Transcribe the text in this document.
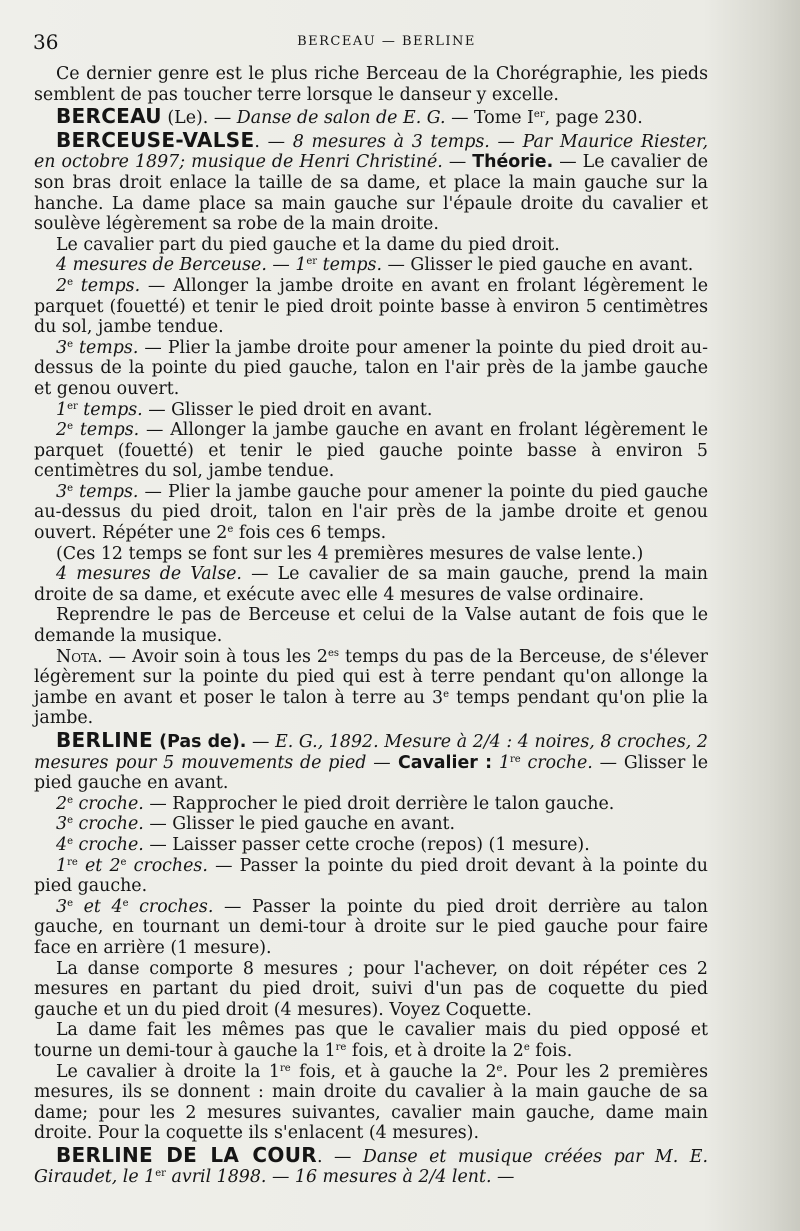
36	BERCEAU — BERLINE

Ce dernier genre est le plus riche Berceau de la Chorégraphie, les pieds semblent de pas toucher terre lorsque le danseur y excelle.

BERCEAU (Le). — Danse de salon de E. G. — Tome Ier, page 230.

BERCEUSE-VALSE. — 8 mesures à 3 temps. — Par Maurice Riester, en octobre 1897; musique de Henri Christiné. — Théorie. — Le cavalier de son bras droit enlace la taille de sa dame, et place la main gauche sur la hanche. La dame place sa main gauche sur l'épaule droite du cavalier et soulève légèrement sa robe de la main droite.

Le cavalier part du pied gauche et la dame du pied droit.

4 mesures de Berceuse. — 1er temps. — Glisser le pied gauche en avant.

2e temps. — Allonger la jambe droite en avant en frolant légèrement le parquet (fouetté) et tenir le pied droit pointe basse à environ 5 centimètres du sol, jambe tendue.

3e temps. — Plier la jambe droite pour amener la pointe du pied droit au-dessus de la pointe du pied gauche, talon en l'air près de la jambe gauche et genou ouvert.

1er temps. — Glisser le pied droit en avant.

2e temps. — Allonger la jambe gauche en avant en frolant légèrement le parquet (fouetté) et tenir le pied gauche pointe basse à environ 5 centimètres du sol, jambe tendue.

3e temps. — Plier la jambe gauche pour amener la pointe du pied gauche au-dessus du pied droit, talon en l'air près de la jambe droite et genou ouvert. Répéter une 2e fois ces 6 temps.

(Ces 12 temps se font sur les 4 premières mesures de valse lente.)

4 mesures de Valse. — Le cavalier de sa main gauche, prend la main droite de sa dame, et exécute avec elle 4 mesures de valse ordinaire.

Reprendre le pas de Berceuse et celui de la Valse autant de fois que le demande la musique.

Nota. — Avoir soin à tous les $2^{es}$ temps du pas de la Berceuse, de s'élever légèrement sur la pointe du pied qui est à terre pendant qu'on allonge la jambe en avant et poser le talon à terre au 3e temps pendant qu'on plie la jambe.

BERLINE (Pas de). — E. G., 1892. Mesure à 2/4 : 4 noires, 8 croches, 2 mesures pour 5 mouvements de pied — Cavalier : 1re croche. — Glisser le pied gauche en avant.

2e croche. — Rapprocher le pied droit derrière le talon gauche.

3e croche. — Glisser le pied gauche en avant.

4e croche. — Laisser passer cette croche (repos) (1 mesure).

1re et 2e croches. — Passer la pointe du pied droit devant à la pointe du pied gauche.

3e et 4e croches. — Passer la pointe du pied droit derrière au talon gauche, en tournant un demi-tour à droite sur le pied gauche pour faire face en arrière (1 mesure).

La danse comporte 8 mesures ; pour l'achever, on doit répéter ces 2 mesures en partant du pied droit, suivi d'un pas de coquette du pied gauche et un du pied droit (4 mesures). Voyez Coquette.

La dame fait les mêmes pas que le cavalier mais du pied opposé et tourne un demi-tour à gauche la 1re fois, et à droite la 2e fois.

Le cavalier à droite la 1re fois, et à gauche la 2e. Pour les 2 premières mesures, ils se donnent : main droite du cavalier à la main gauche de sa dame; pour les 2 mesures suivantes, cavalier main gauche, dame main droite. Pour la coquette ils s'enlacent (4 mesures).

BERLINE DE LA COUR. — Danse et musique créées par M. E. Giraudet, le 1er avril 1898. — 16 mesures à 2/4 lent. —
